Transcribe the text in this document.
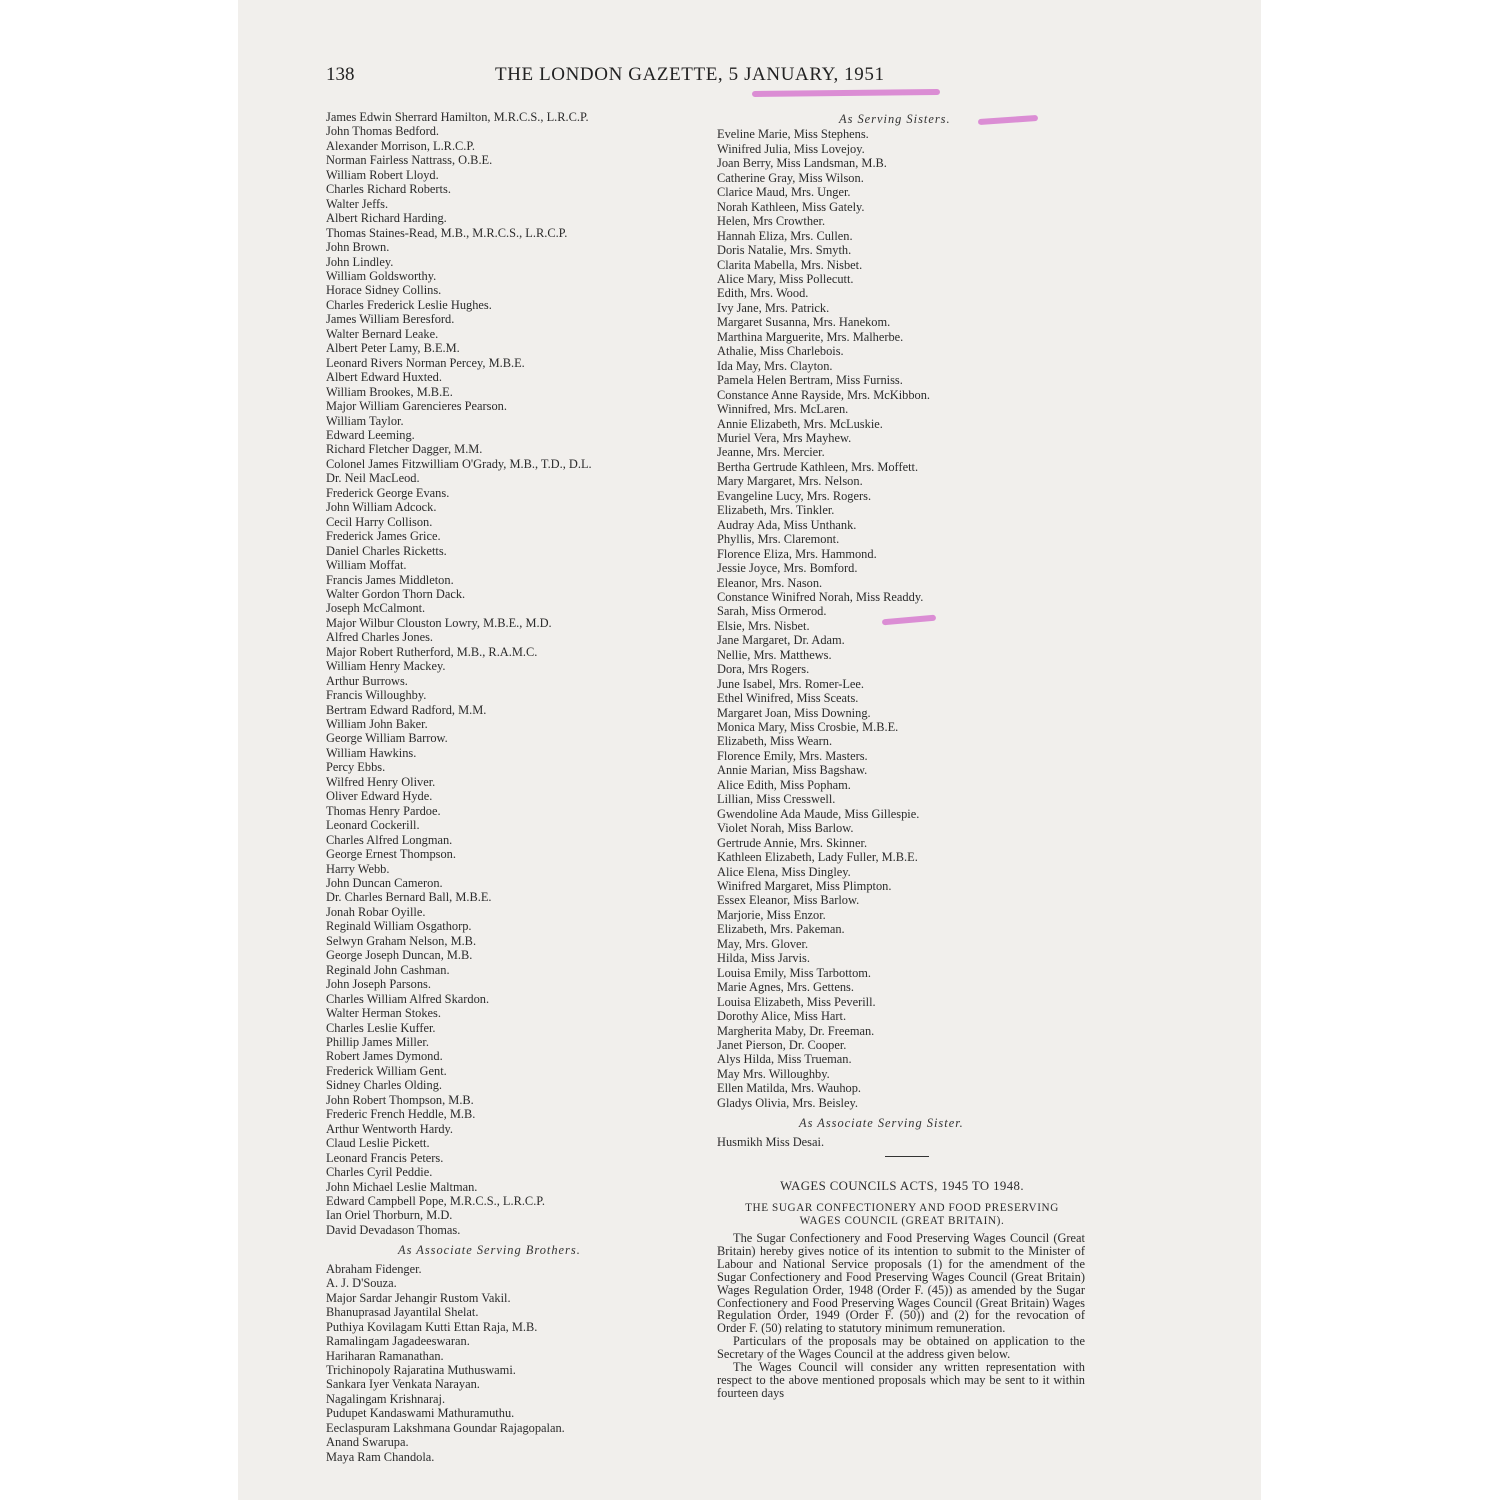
138	THE LONDON GAZETTE, 5 JANUARY, 1951
James Edwin Sherrard Hamilton, M.R.C.S., L.R.C.P.
John Thomas Bedford.
Alexander Morrison, L.R.C.P.
Norman Fairless Nattrass, O.B.E.
William Robert Lloyd.
Charles Richard Roberts.
Walter Jeffs.
Albert Richard Harding.
Thomas Staines-Read, M.B., M.R.C.S., L.R.C.P.
John Brown.
John Lindley.
William Goldsworthy.
Horace Sidney Collins.
Charles Frederick Leslie Hughes.
James William Beresford.
Walter Bernard Leake.
Albert Peter Lamy, B.E.M.
Leonard Rivers Norman Percey, M.B.E.
Albert Edward Huxted.
William Brookes, M.B.E.
Major William Garencieres Pearson.
William Taylor.
Edward Leeming.
Richard Fletcher Dagger, M.M.
Colonel James Fitzwilliam O'Grady, M.B., T.D., D.L.
Dr. Neil MacLeod.
Frederick George Evans.
John William Adcock.
Cecil Harry Collison.
Frederick James Grice.
Daniel Charles Ricketts.
William Moffat.
Francis James Middleton.
Walter Gordon Thorn Dack.
Joseph McCalmont.
Major Wilbur Clouston Lowry, M.B.E., M.D.
Alfred Charles Jones.
Major Robert Rutherford, M.B., R.A.M.C.
William Henry Mackey.
Arthur Burrows.
Francis Willoughby.
Bertram Edward Radford, M.M.
William John Baker.
George William Barrow.
William Hawkins.
Percy Ebbs.
Wilfred Henry Oliver.
Oliver Edward Hyde.
Thomas Henry Pardoe.
Leonard Cockerill.
Charles Alfred Longman.
George Ernest Thompson.
Harry Webb.
John Duncan Cameron.
Dr. Charles Bernard Ball, M.B.E.
Jonah Robar Oyille.
Reginald William Osgathorp.
Selwyn Graham Nelson, M.B.
George Joseph Duncan, M.B.
Reginald John Cashman.
John Joseph Parsons.
Charles William Alfred Skardon.
Walter Herman Stokes.
Charles Leslie Kuffer.
Phillip James Miller.
Robert James Dymond.
Frederick William Gent.
Sidney Charles Olding.
John Robert Thompson, M.B.
Frederic French Heddle, M.B.
Arthur Wentworth Hardy.
Claud Leslie Pickett.
Leonard Francis Peters.
Charles Cyril Peddie.
John Michael Leslie Maltman.
Edward Campbell Pope, M.R.C.S., L.R.C.P.
Ian Oriel Thorburn, M.D.
David Devadason Thomas.
As Associate Serving Brothers.
Abraham Fidenger.
A. J. D'Souza.
Major Sardar Jehangir Rustom Vakil.
Bhanuprasad Jayantilal Shelat.
Puthiya Kovilagam Kutti Ettan Raja, M.B.
Ramalingam Jagadeeswaran.
Hariharan Ramanathan.
Trichinopoly Rajaratina Muthuswami.
Sankara Iyer Venkata Narayan.
Nagalingam Krishnaraj.
Pudupet Kandaswami Mathuramuthu.
Eeclaspuram Lakshmana Goundar Rajagopalan.
Anand Swarupa.
Maya Ram Chandola.
As Serving Sisters.
Eveline Marie, Miss Stephens.
Winifred Julia, Miss Lovejoy.
Joan Berry, Miss Landsman, M.B.
Catherine Gray, Miss Wilson.
Clarice Maud, Mrs. Unger.
Norah Kathleen, Miss Gately.
Helen, Mrs Crowther.
Hannah Eliza, Mrs. Cullen.
Doris Natalie, Mrs. Smyth.
Clarita Mabella, Mrs. Nisbet.
Alice Mary, Miss Pollecutt.
Edith, Mrs. Wood.
Ivy Jane, Mrs. Patrick.
Margaret Susanna, Mrs. Hanekom.
Marthina Marguerite, Mrs. Malherbe.
Athalie, Miss Charlebois.
Ida May, Mrs. Clayton.
Pamela Helen Bertram, Miss Furniss.
Constance Anne Rayside, Mrs. McKibbon.
Winnifred, Mrs. McLaren.
Annie Elizabeth, Mrs. McLuskie.
Muriel Vera, Mrs Mayhew.
Jeanne, Mrs. Mercier.
Bertha Gertrude Kathleen, Mrs. Moffett.
Mary Margaret, Mrs. Nelson.
Evangeline Lucy, Mrs. Rogers.
Elizabeth, Mrs. Tinkler.
Audray Ada, Miss Unthank.
Phyllis, Mrs. Claremont.
Florence Eliza, Mrs. Hammond.
Jessie Joyce, Mrs. Bomford.
Eleanor, Mrs. Nason.
Constance Winifred Norah, Miss Readdy.
Sarah, Miss Ormerod.
Elsie, Mrs. Nisbet.
Jane Margaret, Dr. Adam.
Nellie, Mrs. Matthews.
Dora, Mrs Rogers.
June Isabel, Mrs. Romer-Lee.
Ethel Winifred, Miss Sceats.
Margaret Joan, Miss Downing.
Monica Mary, Miss Crosbie, M.B.E.
Elizabeth, Miss Wearn.
Florence Emily, Mrs. Masters.
Annie Marian, Miss Bagshaw.
Alice Edith, Miss Popham.
Lillian, Miss Cresswell.
Gwendoline Ada Maude, Miss Gillespie.
Violet Norah, Miss Barlow.
Gertrude Annie, Mrs. Skinner.
Kathleen Elizabeth, Lady Fuller, M.B.E.
Alice Elena, Miss Dingley.
Winifred Margaret, Miss Plimpton.
Essex Eleanor, Miss Barlow.
Marjorie, Miss Enzor.
Elizabeth, Mrs. Pakeman.
May, Mrs. Glover.
Hilda, Miss Jarvis.
Louisa Emily, Miss Tarbottom.
Marie Agnes, Mrs. Gettens.
Louisa Elizabeth, Miss Peverill.
Dorothy Alice, Miss Hart.
Margherita Maby, Dr. Freeman.
Janet Pierson, Dr. Cooper.
Alys Hilda, Miss Trueman.
May Mrs. Willoughby.
Ellen Matilda, Mrs. Wauhop.
Gladys Olivia, Mrs. Beisley.
As Associate Serving Sister.
Husmikh Miss Desai.
WAGES COUNCILS ACTS, 1945 TO 1948.
THE SUGAR CONFECTIONERY AND FOOD PRESERVING
WAGES COUNCIL (GREAT BRITAIN).
The Sugar Confectionery and Food Preserving Wages Council (Great Britain) hereby gives notice of its intention to submit to the Minister of Labour and National Service proposals (1) for the amendment of the Sugar Confectionery and Food Preserving Wages Council (Great Britain) Wages Regulation Order, 1948 (Order F. (45)) as amended by the Sugar Confectionery and Food Preserving Wages Council (Great Britain) Wages Regulation Order, 1949 (Order F. (50)) and (2) for the revocation of Order F. (50) relating to statutory minimum remuneration.
Particulars of the proposals may be obtained on application to the Secretary of the Wages Council at the address given below.
The Wages Council will consider any written representation with respect to the above mentioned proposals which may be sent to it within fourteen days
